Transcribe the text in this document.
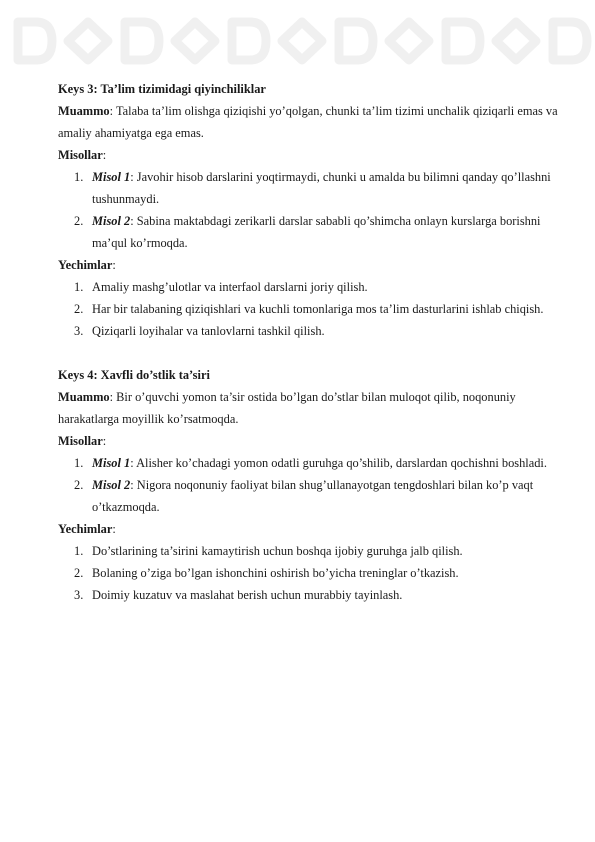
Keys 3: Ta’lim tizimidagi qiyinchiliklar

Muammo: Talaba ta’lim olishga qiziqishi yo’qolgan, chunki ta’lim tizimi unchalik qiziqarli emas va amaliy ahamiyatga ega emas.

Misollar:

1. Misol 1: Javohir hisob darslarini yoqtirmaydi, chunki u amalda bu bilimni qanday qo’llashni tushunmaydi.
2. Misol 2: Sabina maktabdagi zerikarli darslar sababli qo’shimcha onlayn kurslarga borishni ma’qul ko’rmoqda.

Yechimlar:

1. Amaliy mashg’ulotlar va interfaol darslarni joriy qilish.
2. Har bir talabaning qiziqishlari va kuchli tomonlariga mos ta’lim dasturlarini ishlab chiqish.
3. Qiziqarli loyihalar va tanlovlarni tashkil qilish.

Keys 4: Xavfli do’stlik ta’siri

Muammo: Bir o’quvchi yomon ta’sir ostida bo’lgan do’stlar bilan muloqot qilib, noqonuniy harakatlarga moyillik ko’rsatmoqda.

Misollar:

1. Misol 1: Alisher ko’chadagi yomon odatli guruhga qo’shilib, darslardan qochishni boshladi.
2. Misol 2: Nigora noqonuniy faoliyat bilan shug’ullanayotgan tengdoshlari bilan ko’p vaqt o’tkazmoqda.

Yechimlar:

1. Do’stlarining ta’sirini kamaytirish uchun boshqa ijobiy guruhga jalb qilish.
2. Bolaning o’ziga bo’lgan ishonchini oshirish bo’yicha treninglar o’tkazish.
3. Doimiy kuzatuv va maslahat berish uchun murabbiy tayinlash.
